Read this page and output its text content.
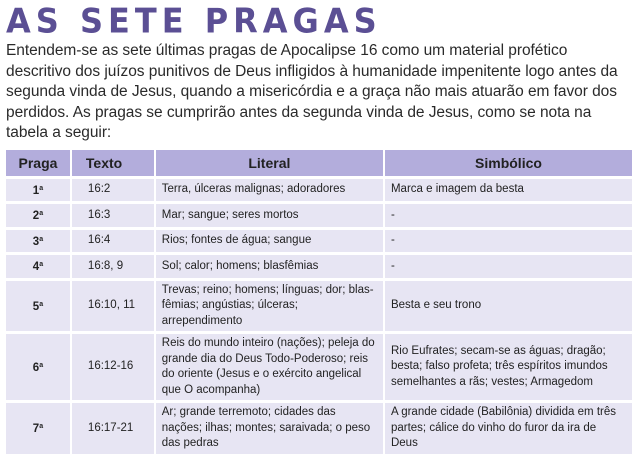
AS SETE PRAGAS

Entendem-se as sete últimas pragas de Apocalipse 16 como um material profético descritivo dos juízos punitivos de Deus infligidos à humanidade impenitente logo antes da segunda vinda de Jesus, quando a misericórdia e a graça não mais atuarão em favor dos perdidos. As pragas se cumprirão antes da segunda vinda de Jesus, como se nota na tabela a seguir:

Praga	Texto	Literal	Simbólico
1$^a$	16:2	Terra, úlceras malignas; adoradores	Marca e imagem da besta
2$^a$	16:3	Mar; sangue; seres mortos	-
3$^a$	16:4	Rios; fontes de água; sangue	-
4$^a$	16:8, 9	Sol; calor; homens; blasfêmias	-
5$^a$	16:10, 11	Trevas; reino; homens; línguas; dor; blas-fêmias; angústias; úlceras; arrependimento	Besta e seu trono
6$^a$	16:12-16	Reis do mundo inteiro (nações); peleja do grande dia do Deus Todo-Poderoso; reis do oriente (Jesus e o exército angelical que O acompanha)	Rio Eufrates; secam-se as águas; dragão; besta; falso profeta; três espíritos imundos semelhantes a rãs; vestes; Armagedom
7$^a$	16:17-21	Ar; grande terremoto; cidades das nações; ilhas; montes; saraivada; o peso das pedras	A grande cidade (Babilônia) dividida em três partes; cálice do vinho do furor da ira de Deus
